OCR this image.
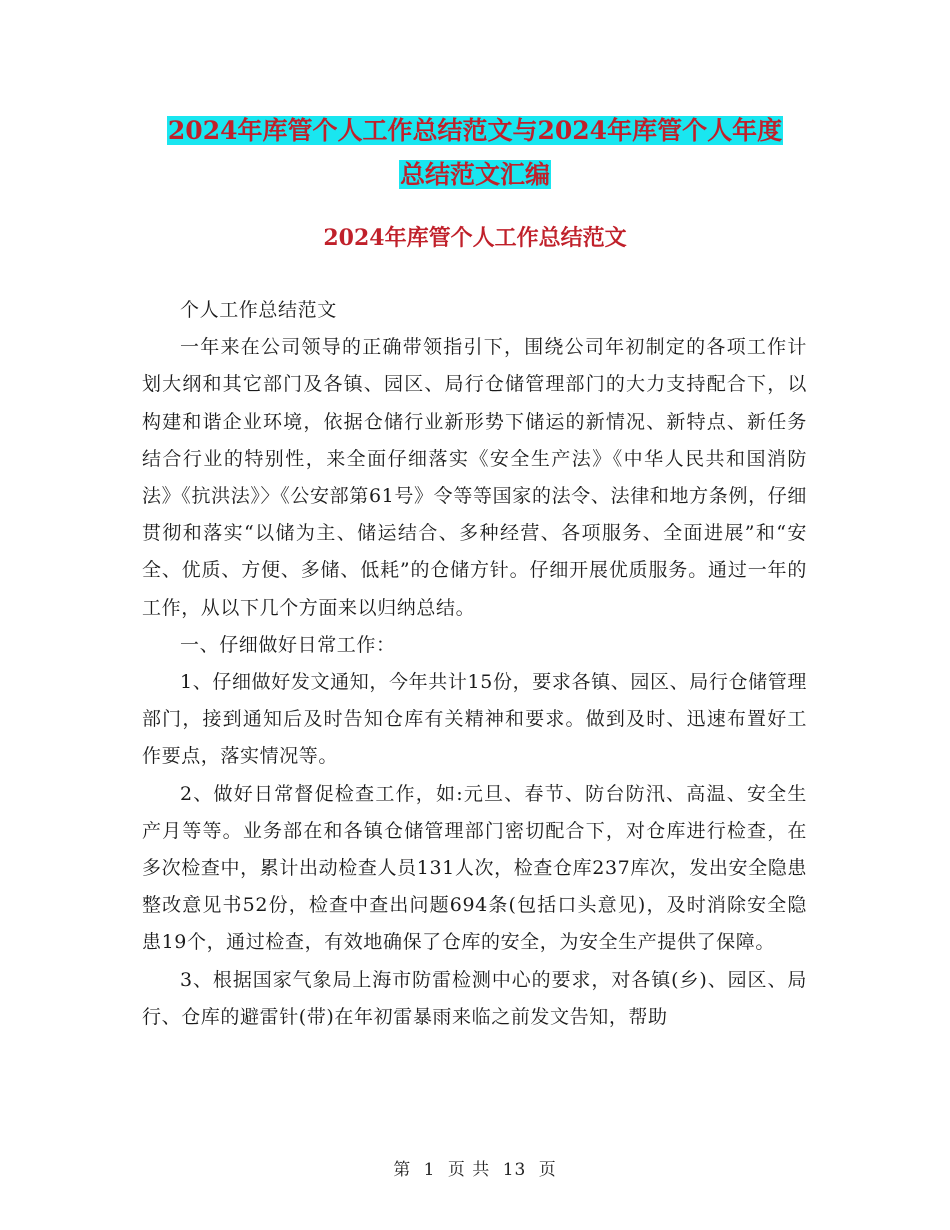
2024年库管个人工作总结范文与2024年库管个人年度
总结范文汇编
2024年库管个人工作总结范文

个人工作总结范文

一年来在公司领导的正确带领指引下，围绕公司年初制定的各项工作计划大纲和其它部门及各镇、园区、局行仓储管理部门的大力支持配合下，以构建和谐企业环境，依据仓储行业新形势下储运的新情况、新特点、新任务结合行业的特别性，来全面仔细落实《安全生产法》《中华人民共和国消防法》《抗洪法》〉《公安部第61号》令等等国家的法令、法律和地方条例，仔细贯彻和落实“以储为主、储运结合、多种经营、各项服务、全面进展”和“安全、优质、方便、多储、低耗”的仓储方针。仔细开展优质服务。通过一年的工作，从以下几个方面来以归纳总结。

一、仔细做好日常工作：

1、仔细做好发文通知，今年共计15份，要求各镇、园区、局行仓储管理部门，接到通知后及时告知仓库有关精神和要求。做到及时、迅速布置好工作要点，落实情况等。

2、做好日常督促检查工作，如:元旦、春节、防台防汛、高温、安全生产月等等。业务部在和各镇仓储管理部门密切配合下，对仓库进行检查，在多次检查中，累计出动检查人员131人次，检查仓库237库次，发出安全隐患整改意见书52份，检查中查出问题694条(包括口头意见)，及时消除安全隐患19个，通过检查，有效地确保了仓库的安全，为安全生产提供了保障。

3、根据国家气象局上海市防雷检测中心的要求，对各镇(乡)、园区、局行、仓库的避雷针(带)在年初雷暴雨来临之前发文告知，帮助

第 1 页 共 13 页
